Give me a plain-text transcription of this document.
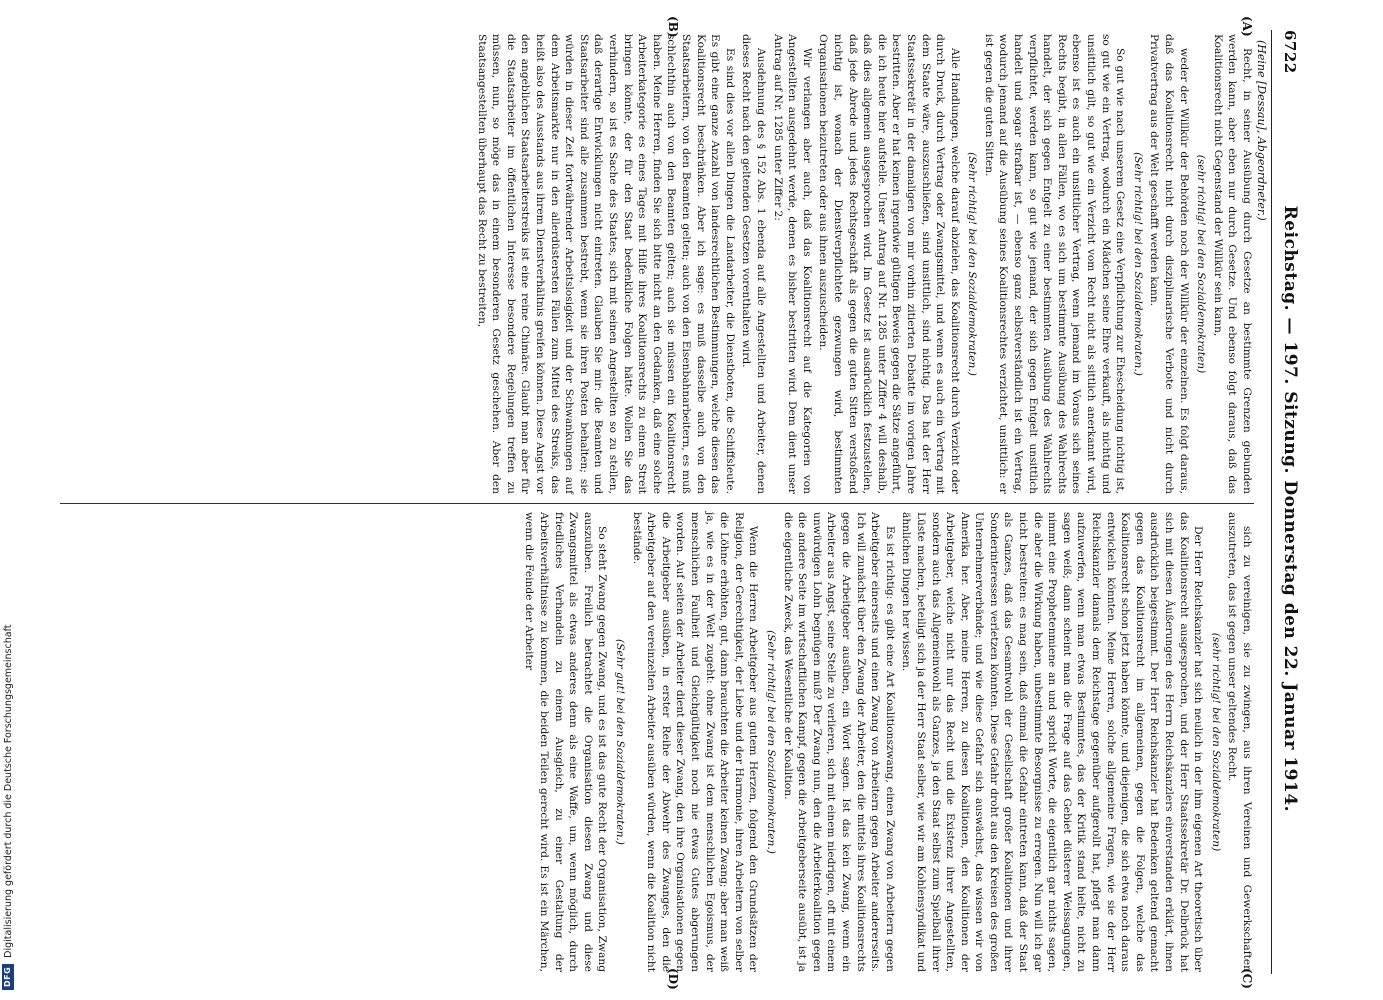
6722
Reichstag. — 197. Sitzung. Donnerstag den 22. Januar 1914.
(Heine [Dessau], Abgeordneter.)
(A)
(B)
(C)
(D)

Recht, in seiner Ausübung durch Gesetze an bestimmte Grenzen gebunden werden kann, aber eben nur durch Gesetze. Und ebenso folgt daraus, daß das Koalitionsrecht nicht Gegenstand der Willkür sein kann,

(sehr richtig! bei den Sozialdemokraten)

weder der Willkür der Behörden noch der Willkür der einzelnen. Es folgt daraus, daß das Koalitionsrecht nicht durch disziplinarische Verbote und nicht durch Privatvertrag aus der Welt geschafft werden kann.

(Sehr richtig! bei den Sozialdemokraten.)

So gut wie nach unserem Gesetz eine Verpflichtung zur Ehescheidung nichtig ist, so gut wie ein Vertrag, wodurch ein Mädchen seine Ehre verkauft, als nichtig und unsittlich gilt, so gut wie ein Verzicht vom Recht nicht als sittlich anerkannt wird, ebenso ist es auch ein unsittlicher Vertrag, wenn jemand im Voraus sich seines Rechts begibt, in allen Fällen, wo es sich um bestimmte Ausübung des Wahlrechts handelt, der sich gegen Entgelt zu einer bestimmten Ausübung des Wahlrechts verpflichtet, werden kann, so gut wie jemand, der sich gegen Entgelt unsittlich handelt und sogar strafbar ist, — ebenso ganz selbstverständlich ist ein Vertrag, wodurch jemand auf die Ausübung seines Koalitionsrechtes verzichtet, unsittlich: er ist gegen die guten Sitten.

(Sehr richtig! bei den Sozialdemokraten.)

Alle Handlungen, welche darauf abzielen, das Koalitionsrecht durch Verzicht oder durch Druck, durch Vertrag oder Zwangsmittel, und wenn es auch ein Vertrag mit dem Staate wäre, auszuschließen, sind unsittlich, sind nichtig. Das hat der Herr Staatssekretär in der damaligen von mir vorhin zitierten Debatte im vorigen Jahre bestritten. Aber er hat keinen irgendwie gültigen Beweis gegen die Sätze angeführt, die ich heute hier aufstelle. Unser Antrag auf Nr. 1285 unter Ziffer 4 will deshalb, daß dies allgemein ausgesprochen wird. Im Gesetz ist ausdrücklich festzustellen, daß jede Abrede und jedes Rechtsgeschäft als gegen die guten Sitten verstoßend nichtig ist, wonach der Dienstverpflichtete gezwungen wird, bestimmten Organisationen beizutreten oder aus ihnen auszuscheiden.

Wir verlangen aber auch, daß das Koalitionsrecht auf die Kategorien von Angestellten ausgedehnt werde, denen es bisher bestritten wird. Dem dient unser Antrag auf Nr. 1285 unter Ziffer 2:

Ausdehnung des § 152 Abs. 1 ebenda auf alle Angestellten und Arbeiter, denen dieses Recht nach den geltenden Gesetzen vorenthalten wird.

Es sind dies vor allen Dingen die Landarbeiter, die Dienstboten, die Schiffsleute. Es gibt eine ganze Anzahl von landesrechtlichen Bestimmungen, welche diesen das Koalitionsrecht beschränken. Aber ich sage: es muß dasselbe auch von den Staatsarbeitern, von den Beamten gelten; auch von den Eisenbahnarbeitern, es muß schlechthin auch von den Beamten gelten; auch sie müssen ein Koalitionsrecht haben. Meine Herren, finden Sie sich bitte nicht an den Gedanken, daß eine solche Arbeiterkategorie es eines Tages mit Hilfe ihres Koalitionsrechts zu einem Streit bringen könnte, der für den Staat bedenkliche Folgen hätte. Wollen Sie das verhindern, so ist es Sache des Staates, sich mit seinen Angestellten so zu stellen, daß derartige Entwicklungen nicht eintreten. Glauben Sie mir: die Beamten und Staatsarbeiter sind alle zusammen bestrebt, wenn sie ihren Posten behalten; sie würden in dieser Zeit fortwährender Arbeitslosigkeit und der Schwankungen auf dem Arbeitsmarkte nur in den allerdüstersten Fällen zum Mittel des Streiks, das heißt also des Ausstands aus ihrem Dienstverhältnis greifen können. Diese Angst vor den angeblichen Staatsarbeiterstreiks ist eine reine Chimäre. Glaubt man aber für die Staatsarbeiter im öffentlichen Interesse besondere Regelungen treffen zu müssen, nun, so möge das in einem besonderen Gesetz geschehen. Aber den Staatsangestellten überhaupt das Recht zu bestreiten,

sich zu vereinigen, sie zu zwingen, aus ihren Vereinen und Gewerkschaften auszutreten, das ist gegen unser geltendes Recht.

(sehr richtig! bei den Sozialdemokraten)

Der Herr Reichskanzler hat sich neulich in der ihm eigenen Art theoretisch über das Koalitionsrecht ausgesprochen, und der Herr Staatssekretär Dr. Delbrück hat sich mit diesen Äußerungen des Herrn Reichskanzlers einverstanden erklärt, ihnen ausdrücklich beigestimmt. Der Herr Reichskanzler hat Bedenken geltend gemacht gegen das Koalitionsrecht im allgemeinen, gegen die Folgen, welche das Koalitionsrecht schon jetzt haben könnte, und diejenigen, die sich etwa noch daraus entwickeln könnten. Meine Herren, solche allgemeine Fragen, wie sie der Herr Reichskanzler damals dem Reichstage gegenüber aufgerollt hat, pflegt man dann aufzuwerfen, wenn man etwas Bestimmtes, das der Kritik stand hielte, nicht zu sagen weiß; dann scheint man die Frage auf das Gebiet düsterer Weissagungen, nimmt eine Prophetenmiene an und spricht Worte, die eigentlich gar nichts sagen, die aber die Wirkung haben, unbestimmte Besorgnisse zu erregen. Nun will ich gar nicht bestreiten: es mag sein, daß einmal die Gefahr eintreten kann, daß der Staat als Ganzes, daß das Gesamtwohl der Gesellschaft großer Koalitionen und ihrer Sonderinteressen verletzen könnten. Diese Gefahr droht aus den Kreisen des großen Unternehmerverbände; und wie diese Gefahr sich auswächst, das wissen wir von Amerika her. Aber, meine Herren, zu diesen Koalitionen, den Koalitionen der Arbeitgeber, welche nicht nur das Recht und die Existenz ihrer Angestellten, sondern auch das Allgemeinwohl als Ganzes, ja den Staat selbst zum Spielball ihrer Lüste machen, beteiligt sich ja der Herr Staat selber, wie wir am Kohlensyndikat und ähnlichen Dingen her wissen.

Es ist richtig: es gibt eine Art Koalitionszwang, einen Zwang von Arbeitern gegen Arbeitgeber einerseits und einen Zwang von Arbeitern gegen Arbeiter andererseits. Ich will zunächst über den Zwang der Arbeiter, den die mittels ihres Koalitionsrechts gegen die Arbeitgeber ausüben, ein Wort sagen. Ist das kein Zwang, wenn ein Arbeiter aus Angst, seine Stelle zu verlieren, sich mit einem niedrigen, oft mit einem unwürdigen Lohn begnügen muß? Der Zwang nun, den die Arbeiterkoalition gegen die andere Seite im wirtschaftlichen Kampf, gegen die Arbeitgeberseite ausübt, ist ja die eigentliche Zweck, das Wesentliche der Koalition.

(Sehr richtig! bei den Sozialdemokraten.)

Wenn die Herren Arbeitgeber aus gutem Herzen, folgend den Grundsätzen der Religion, der Gerechtigkeit, der Liebe und der Harmonie, ihren Arbeitern von selber die Löhne erhöhten, gut, dann brauchten die Arbeiter keinen Zwang; aber man weiß ja, wie es in der Welt zugeht: ohne Zwang ist dem menschlichen Egoismus, der menschlichen Faulheit und Gleichgültigkeit noch nie etwas Gutes abgerungen worden. Auf seiten der Arbeiter dient dieser Zwang, den ihre Organisationen gegen die Arbeitgeber ausüben, in erster Reihe der Abwehr des Zwanges, den die Arbeitgeber auf den vereinzelten Arbeiter ausüben würden, wenn die Koalition nicht bestände.

(Sehr gut! bei den Sozialdemokraten.)

So steht Zwang gegen Zwang, und es ist das gute Recht der Organisation, Zwang auszuüben. Freilich betrachtet die Organisation diesen Zwang und diese Zwangsmittel als etwas anderes denn als eine Waffe, um, wenn möglich, durch friedliches Verhandeln zu einem Ausgleich, zu einer Gestaltung der Arbeitsverhältnisse zu kommen, die beiden Teilen gerecht wird. Es ist ein Märchen, wenn die Feinde der Arbeiter

DFG
Digitalisierung gefördert durch die Deutsche Forschungsgemeinschaft
